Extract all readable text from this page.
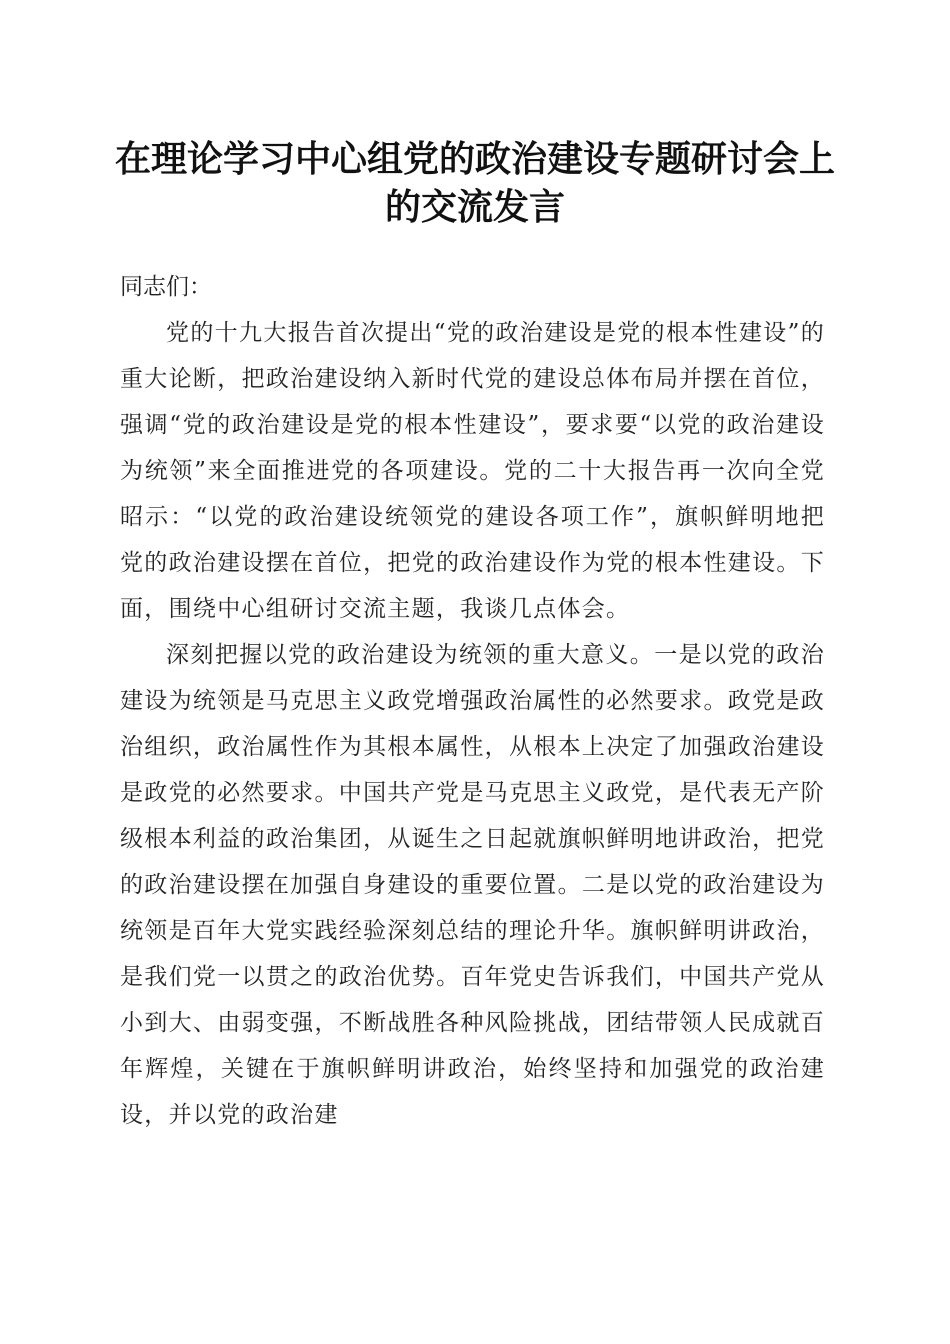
在理论学习中心组党的政治建设专题研讨会上的交流发言

同志们：

党的十九大报告首次提出“党的政治建设是党的根本性建设”的重大论断，把政治建设纳入新时代党的建设总体布局并摆在首位，强调“党的政治建设是党的根本性建设”，要求要“以党的政治建设为统领”来全面推进党的各项建设。党的二十大报告再一次向全党昭示：“以党的政治建设统领党的建设各项工作”，旗帜鲜明地把党的政治建设摆在首位，把党的政治建设作为党的根本性建设。下面，围绕中心组研讨交流主题，我谈几点体会。

深刻把握以党的政治建设为统领的重大意义。一是以党的政治建设为统领是马克思主义政党增强政治属性的必然要求。政党是政治组织，政治属性作为其根本属性，从根本上决定了加强政治建设是政党的必然要求。中国共产党是马克思主义政党，是代表无产阶级根本利益的政治集团，从诞生之日起就旗帜鲜明地讲政治，把党的政治建设摆在加强自身建设的重要位置。二是以党的政治建设为统领是百年大党实践经验深刻总结的理论升华。旗帜鲜明讲政治，是我们党一以贯之的政治优势。百年党史告诉我们，中国共产党从小到大、由弱变强，不断战胜各种风险挑战，团结带领人民成就百年辉煌，关键在于旗帜鲜明讲政治，始终坚持和加强党的政治建设，并以党的政治建
